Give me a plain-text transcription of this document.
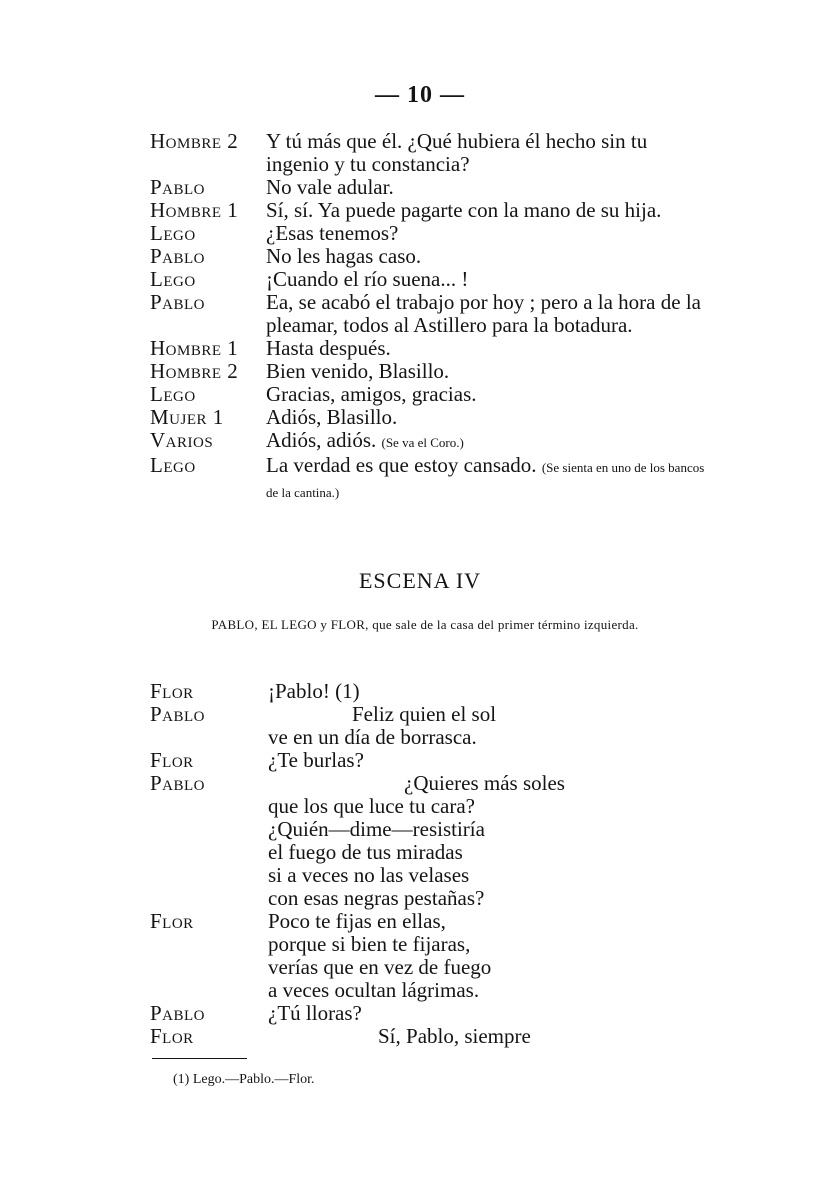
— 10 —
Hombre 2	Y tú más que él. ¿Qué hubiera él hecho sin tu ingenio y tu constancia?
Pablo	No vale adular.
Hombre 1	Sí, sí. Ya puede pagarte con la mano de su hija.
Lego	¿Esas tenemos?
Pablo	No les hagas caso.
Lego	¡Cuando el río suena... !
Pablo	Ea, se acabó el trabajo por hoy ; pero a la hora de la pleamar, todos al Astillero para la botadura.
Hombre 1	Hasta después.
Hombre 2	Bien venido, Blasillo.
Lego	Gracias, amigos, gracias.
Mujer 1	Adiós, Blasillo.
Varios	Adiós, adiós. (Se va el Coro.)
Lego	La verdad es que estoy cansado. (Se sienta en uno de los bancos de la cantina.)
ESCENA IV
PABLO, EL LEGO y FLOR, que sale de la casa del primer término izquierda.
Flor	¡Pablo! (1)
Pablo	Feliz quien el sol
ve en un día de borrasca.
Flor	¿Te burlas?
Pablo	¿Quieres más soles
que los que luce tu cara?
¿Quién—dime—resistiría
el fuego de tus miradas
si a veces no las velases
con esas negras pestañas?
Flor	Poco te fijas en ellas,
porque si bien te fijaras,
verías que en vez de fuego
a veces ocultan lágrimas.
Pablo	¿Tú lloras?
Flor	Sí, Pablo, siempre
(1) Lego.—Pablo.—Flor.
